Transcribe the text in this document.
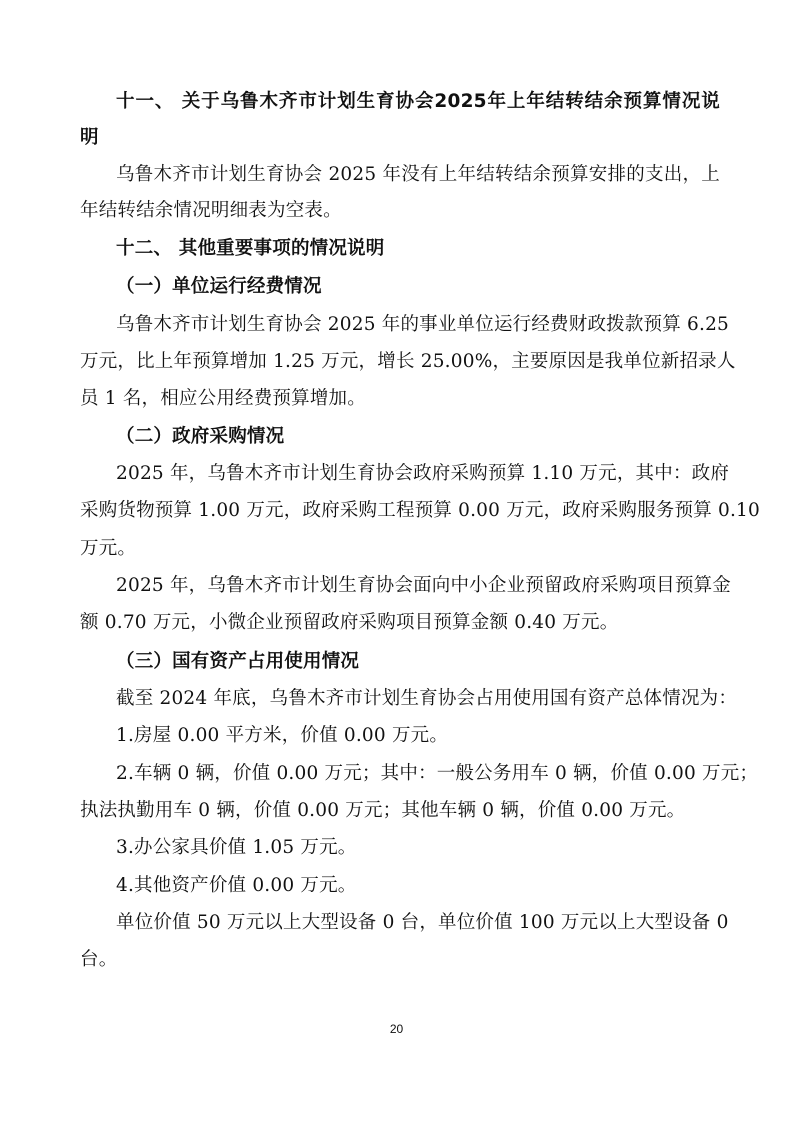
十一、 关于乌鲁木齐市计划生育协会2025年上年结转结余预算情况说
明
乌鲁木齐市计划生育协会 2025 年没有上年结转结余预算安排的支出，上
年结转结余情况明细表为空表。
十二、 其他重要事项的情况说明
（一）单位运行经费情况
乌鲁木齐市计划生育协会 2025 年的事业单位运行经费财政拨款预算 6.25
万元，比上年预算增加 1.25 万元，增长 25.00%，主要原因是我单位新招录人
员 1 名，相应公用经费预算增加。
（二）政府采购情况
2025 年，乌鲁木齐市计划生育协会政府采购预算 1.10 万元，其中：政府
采购货物预算 1.00 万元，政府采购工程预算 0.00 万元，政府采购服务预算 0.10
万元。
2025 年，乌鲁木齐市计划生育协会面向中小企业预留政府采购项目预算金
额 0.70 万元，小微企业预留政府采购项目预算金额 0.40 万元。
（三）国有资产占用使用情况
截至 2024 年底，乌鲁木齐市计划生育协会占用使用国有资产总体情况为：
1.房屋 0.00 平方米，价值 0.00 万元。
2.车辆 0 辆，价值 0.00 万元；其中：一般公务用车 0 辆，价值 0.00 万元；
执法执勤用车 0 辆，价值 0.00 万元；其他车辆 0 辆，价值 0.00 万元。
3.办公家具价值 1.05 万元。
4.其他资产价值 0.00 万元。
单位价值 50 万元以上大型设备 0 台，单位价值 100 万元以上大型设备 0
台。
20
